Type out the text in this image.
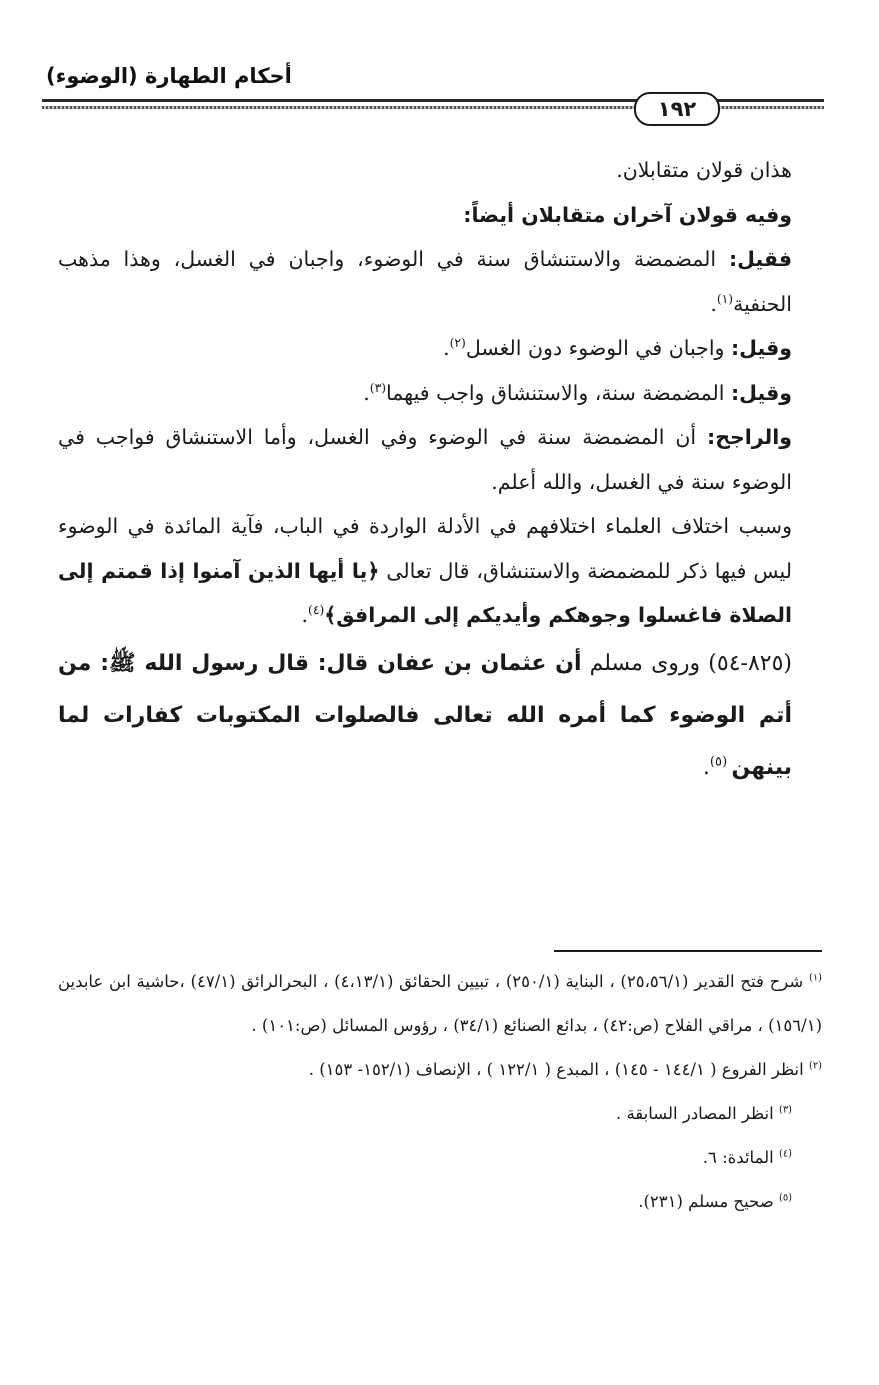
أحكام الطهارة (الوضوء)
١٩٢

هذان قولان متقابلان.

وفيه قولان آخران متقابلان أيضاً:

فقيل: المضمضة والاستنشاق سنة في الوضوء، واجبان في الغسل، وهذا مذهب الحنفية$^{(١)}$.

وقيل: واجبان في الوضوء دون الغسل$^{(٢)}$.

وقيل: المضمضة سنة، والاستنشاق واجب فيهما$^{(٣)}$.

والراجح: أن المضمضة سنة في الوضوء وفي الغسل، وأما الاستنشاق فواجب في الوضوء سنة في الغسل، والله أعلم.

وسبب اختلاف العلماء اختلافهم في الأدلة الواردة في الباب، فآية المائدة في الوضوء ليس فيها ذكر للمضمضة والاستنشاق، قال تعالى ﴿يا أيها الذين آمنوا إذا قمتم إلى الصلاة فاغسلوا وجوهكم وأيديكم إلى المرافق﴾$^{(٤)}$.

(٨٢٥-٥٤) وروى مسلم أن عثمان بن عفان قال: قال رسول الله ﷺ: من أتم الوضوء كما أمره الله تعالى فالصلوات المكتوبات كفارات لما بينهن $^{(٥)}$.

$^{(١)}$ شرح فتح القدير (٢٥،٥٦/١) ، البناية (٢٥٠/١) ، تبيين الحقائق (٤،١٣/١) ، البحرالرائق (٤٧/١) ،حاشية ابن عابدين (١٥٦/١) ، مراقي الفلاح (ص:٤٢) ، بدائع الصنائع (٣٤/١) ، رؤوس المسائل (ص:١٠١) .

$^{(٢)}$ انظر الفروع ( ١٤٤/١ - ١٤٥) ، المبدع ( ١٢٢/١ ) ، الإنصاف (١٥٢/١- ١٥٣) .

$^{(٣)}$ انظر المصادر السابقة .

$^{(٤)}$ المائدة: ٦.

$^{(٥)}$ صحيح مسلم (٢٣١).
